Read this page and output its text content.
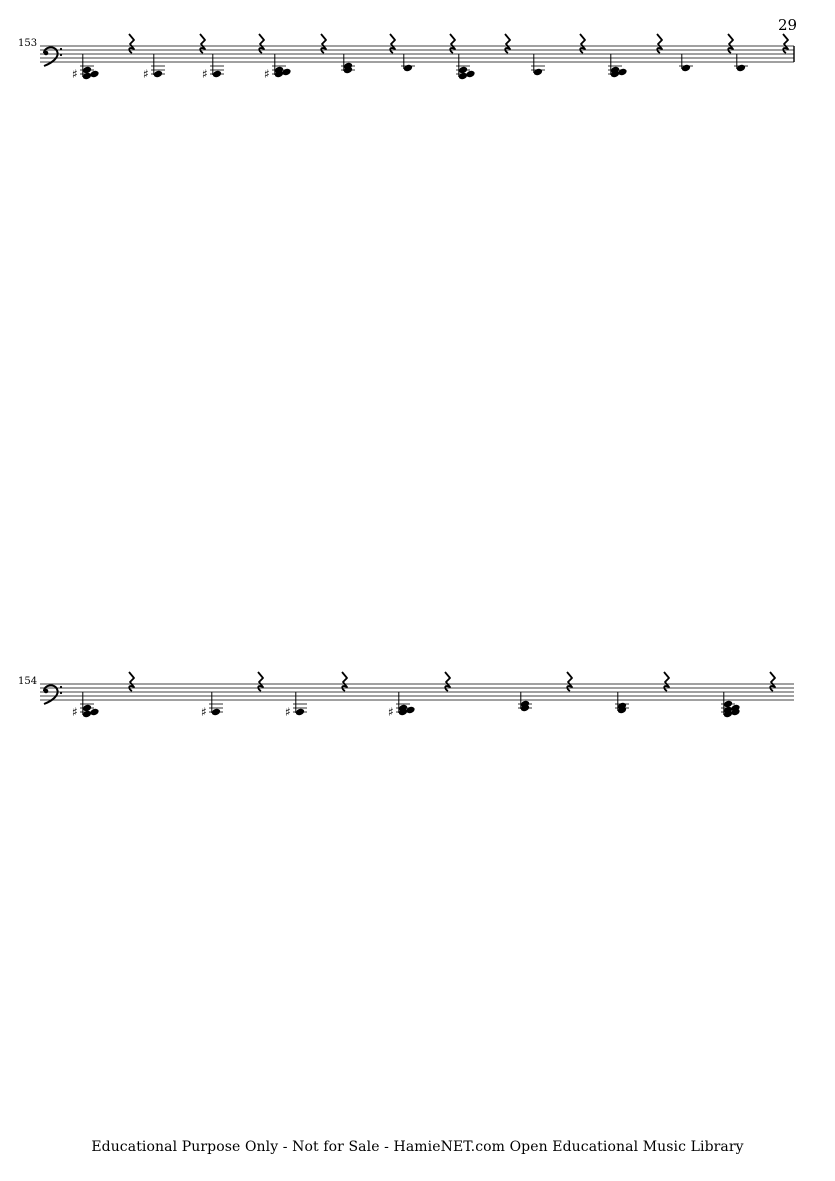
♯	♯	♯	♯
♯	♯	♯	♯
29
153
154
Educational Purpose Only - Not for Sale - HamieNET.com Open Educational Music Library
